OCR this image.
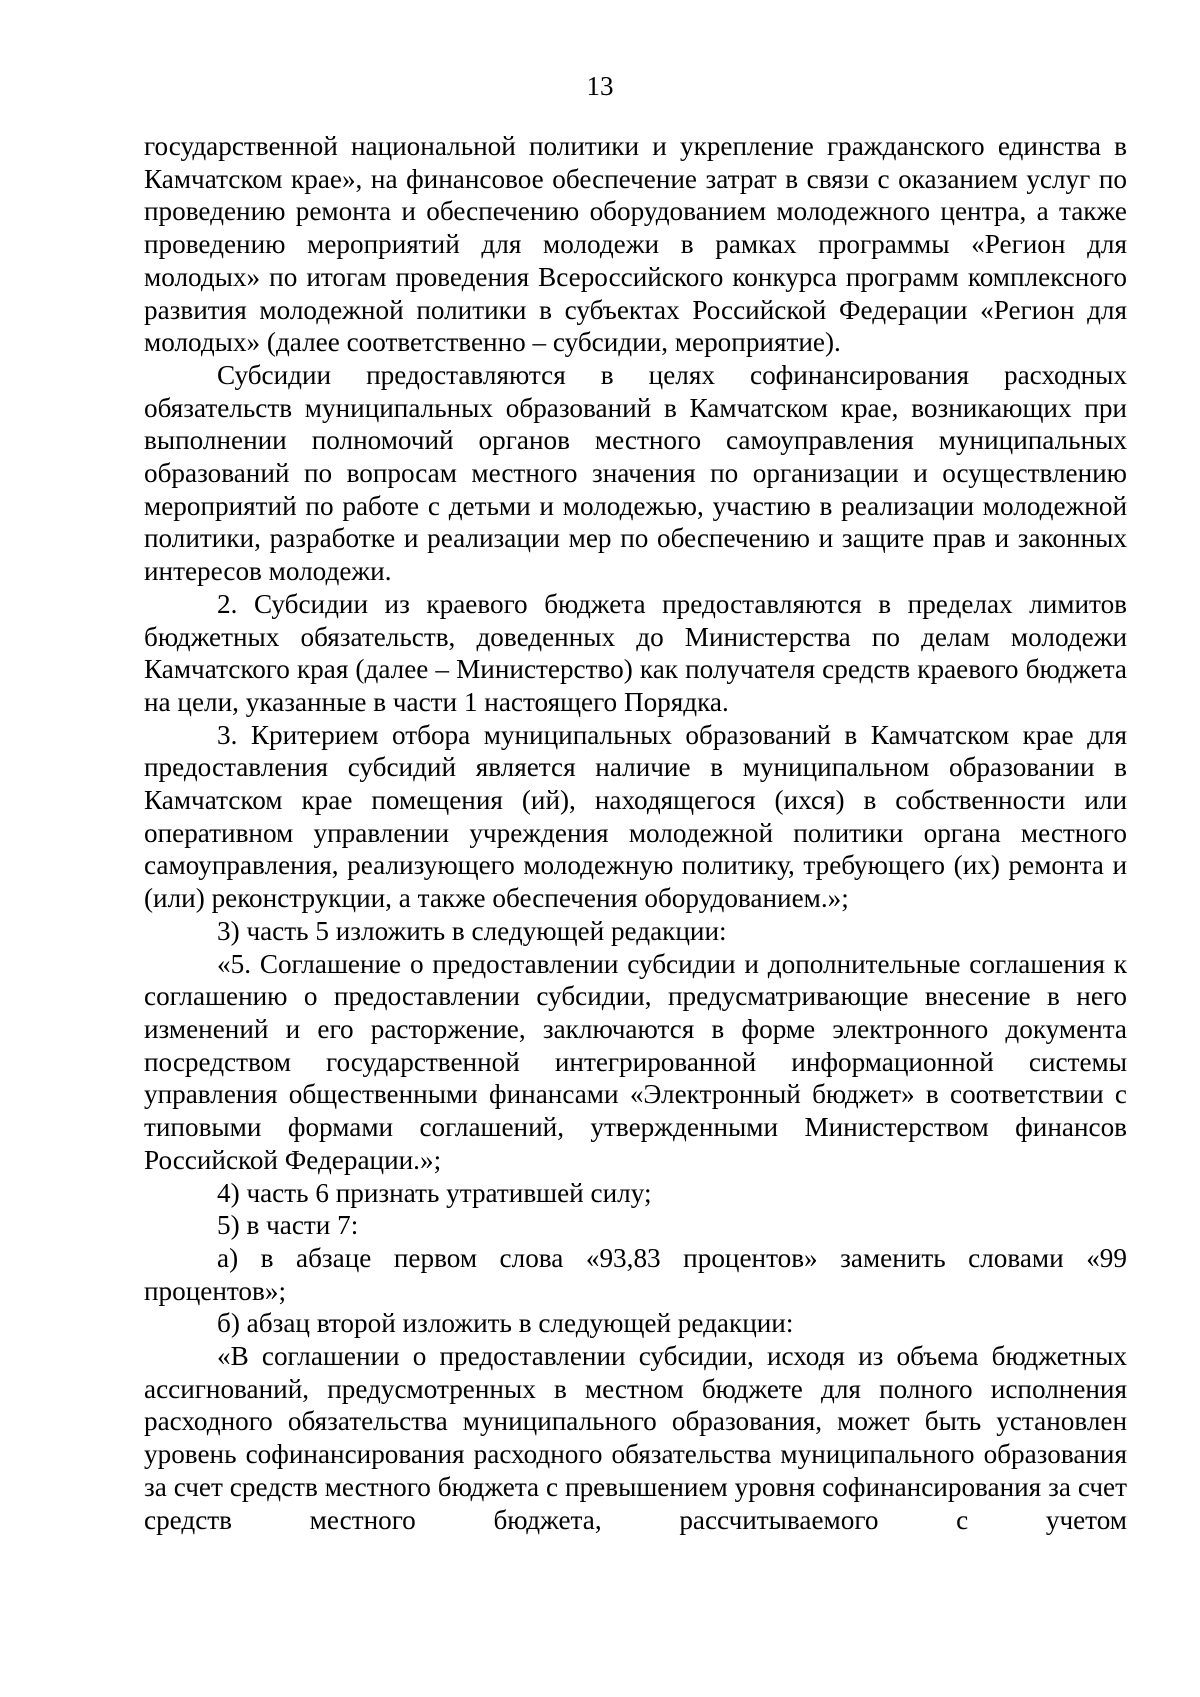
13

государственной национальной политики и укрепление гражданского единства в Камчатском крае», на финансовое обеспечение затрат в связи с оказанием услуг по проведению ремонта и обеспечению оборудованием молодежного центра, а также проведению мероприятий для молодежи в рамках программы «Регион для молодых» по итогам проведения Всероссийского конкурса программ комплексного развития молодежной политики в субъектах Российской Федерации «Регион для молодых» (далее соответственно – субсидии, мероприятие).

Субсидии предоставляются в целях софинансирования расходных обязательств муниципальных образований в Камчатском крае, возникающих при выполнении полномочий органов местного самоуправления муниципальных образований по вопросам местного значения по организации и осуществлению мероприятий по работе с детьми и молодежью, участию в реализации молодежной политики, разработке и реализации мер по обеспечению и защите прав и законных интересов молодежи.

2. Субсидии из краевого бюджета предоставляются в пределах лимитов бюджетных обязательств, доведенных до Министерства по делам молодежи Камчатского края (далее – Министерство) как получателя средств краевого бюджета на цели, указанные в части 1 настоящего Порядка.

3. Критерием отбора муниципальных образований в Камчатском крае для предоставления субсидий является наличие в муниципальном образовании в Камчатском крае помещения (ий), находящегося (ихся) в собственности или оперативном управлении учреждения молодежной политики органа местного самоуправления, реализующего молодежную политику, требующего (их) ремонта и (или) реконструкции, а также обеспечения оборудованием.»;

3) часть 5 изложить в следующей редакции:

«5. Соглашение о предоставлении субсидии и дополнительные соглашения к соглашению о предоставлении субсидии, предусматривающие внесение в него изменений и его расторжение, заключаются в форме электронного документа посредством государственной интегрированной информационной системы управления общественными финансами «Электронный бюджет» в соответствии с типовыми формами соглашений, утвержденными Министерством финансов Российской Федерации.»;

4) часть 6 признать утратившей силу;

5) в части 7:

а) в абзаце первом слова «93,83 процентов» заменить словами «99 процентов»;

б) абзац второй изложить в следующей редакции:

«В соглашении о предоставлении субсидии, исходя из объема бюджетных ассигнований, предусмотренных в местном бюджете для полного исполнения расходного обязательства муниципального образования, может быть установлен уровень софинансирования расходного обязательства муниципального образования за счет средств местного бюджета с превышением уровня софинансирования за счет средств местного бюджета, рассчитываемого с учетом
